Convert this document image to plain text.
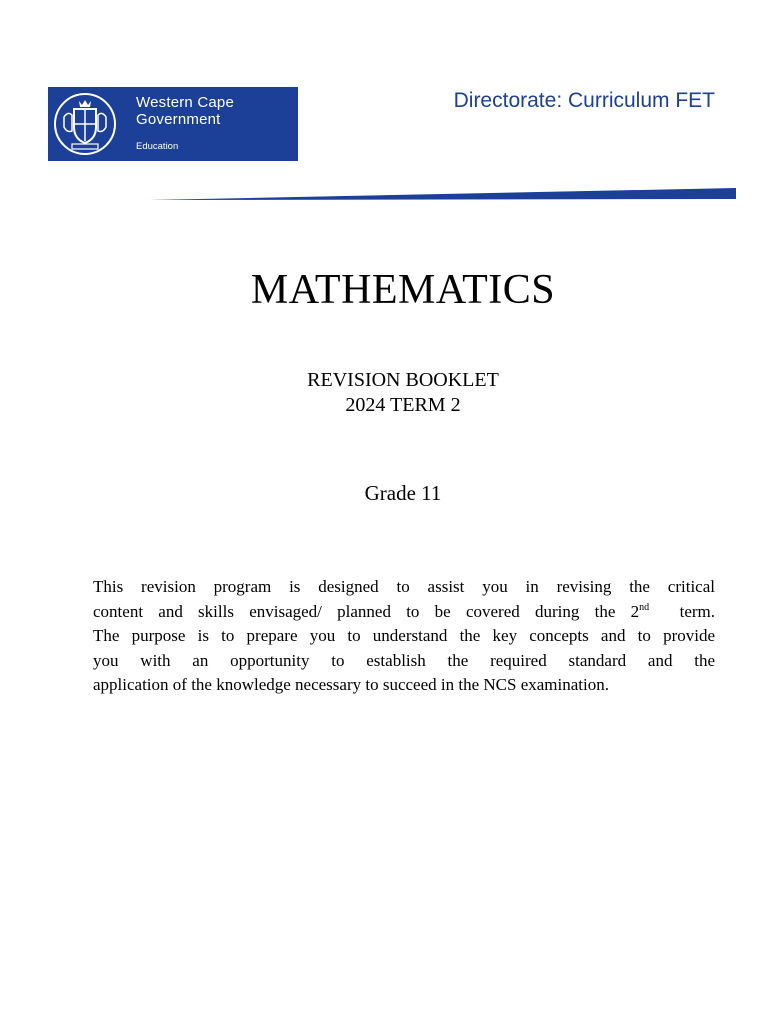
Western Cape
Government
Education
Directorate: Curriculum FET
MATHEMATICS
REVISION BOOKLET
2024 TERM 2
Grade 11
This revision program is designed to assist you in revising the critical
content and skills envisaged/ planned to be covered during the 2nd  term.
The purpose is to prepare you to understand the key concepts and to provide
you with an opportunity to establish the required standard and the
application of the knowledge necessary to succeed in the NCS examination.
